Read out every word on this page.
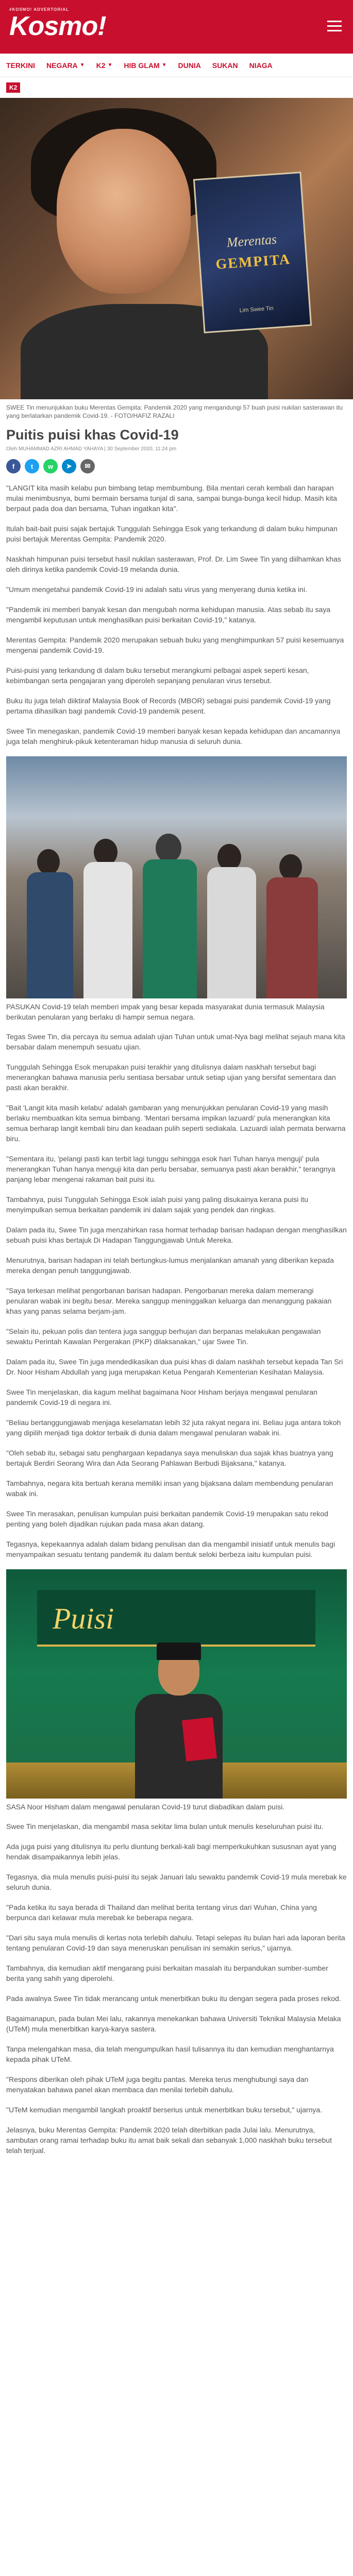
#KOSMO! ADVERTORIAL
Kosmo!
TERKINI NEGARA ▼ K2 ▼ HIB GLAM ▼ DUNIA SUKAN NIAGA
K2
Merentas
GEMPITA
Lim Swee Tin

SWEE Tin menunjukkan buku Merentas Gempita: Pandemik 2020 yang mengandungi 57 buah puisi nukilan sasterawan itu yang berlatarkan pandemik Covid-19. - FOTO/HAFIZ RAZALI

Puitis puisi khas Covid-19
Oleh MUHAMMAD AZRI AHMAD YAHAYA | 30 September 2020, 11:24 pm
f t w ➤ ✉

"LANGIT kita masih kelabu pun bimbang tetap membumbung. Bila mentari cerah kembali dan harapan mulai menimbusnya, bumi bermain bersama tunjal di sana, sampai bunga-bunga kecil hidup. Masih kita berpaut pada doa dan bersama, Tuhan ingatkan kita".

Itulah bait-bait puisi sajak bertajuk Tunggulah Sehingga Esok yang terkandung di dalam buku himpunan puisi bertajuk Merentas Gempita: Pandemik 2020.

Naskhah himpunan puisi tersebut hasil nukilan sasterawan, Prof. Dr. Lim Swee Tin yang diilhamkan khas oleh dirinya ketika pandemik Covid-19 melanda dunia.

"Umum mengetahui pandemik Covid-19 ini adalah satu virus yang menyerang dunia ketika ini.

"Pandemik ini memberi banyak kesan dan mengubah norma kehidupan manusia. Atas sebab itu saya mengambil keputusan untuk menghasilkan puisi berkaitan Covid-19," katanya.

Merentas Gempita: Pandemik 2020 merupakan sebuah buku yang menghimpunkan 57 puisi kesemuanya mengenai pandemik Covid-19.

Puisi-puisi yang terkandung di dalam buku tersebut merangkumi pelbagai aspek seperti kesan, kebimbangan serta pengajaran yang diperoleh sepanjang penularan virus tersebut.

Buku itu juga telah diiktiraf Malaysia Book of Records (MBOR) sebagai puisi pandemik Covid-19 yang pertama dihasilkan bagi pandemik Covid-19 pandemik pesent.

Swee Tin menegaskan, pandemik Covid-19 memberi banyak kesan kepada kehidupan dan ancamannya juga telah menghiruk-pikuk ketenteraman hidup manusia di seluruh dunia.

PASUKAN Covid-19 telah memberi impak yang besar kepada masyarakat dunia termasuk Malaysia berikutan penularan yang berlaku di hampir semua negara.

Tegas Swee Tin, dia percaya itu semua adalah ujian Tuhan untuk umat-Nya bagi melihat sejauh mana kita bersabar dalam menempuh sesuatu ujian.

Tunggulah Sehingga Esok merupakan puisi terakhir yang ditulisnya dalam naskhah tersebut bagi menerangkan bahawa manusia perlu sentiasa bersabar untuk setiap ujian yang bersifat sementara dan pasti akan berakhir.

"Bait 'Langit kita masih kelabu' adalah gambaran yang menunjukkan penularan Covid-19 yang masih berlaku membuatkan kita semua bimbang. 'Mentari bersama impikan lazuardi' pula menerangkan kita semua berharap langit kembali biru dan keadaan pulih seperti sediakala. Lazuardi ialah permata berwarna biru.

"Sementara itu, 'pelangi pasti kan terbit lagi tunggu sehingga esok hari Tuhan hanya menguji' pula menerangkan Tuhan hanya menguji kita dan perlu bersabar, semuanya pasti akan berakhir," terangnya panjang lebar mengenai rakaman bait puisi itu.

Tambahnya, puisi Tunggulah Sehingga Esok ialah puisi yang paling disukainya kerana puisi itu menyimpulkan semua berkaitan pandemik ini dalam sajak yang pendek dan ringkas.

Dalam pada itu, Swee Tin juga menzahirkan rasa hormat terhadap barisan hadapan dengan menghasilkan sebuah puisi khas bertajuk Di Hadapan Tanggungjawab Untuk Mereka.

Menurutnya, barisan hadapan ini telah bertungkus-lumus menjalankan amanah yang diberikan kepada mereka dengan penuh tanggungjawab.

"Saya terkesan melihat pengorbanan barisan hadapan. Pengorbanan mereka dalam memerangi penularan wabak ini begitu besar. Mereka sanggup meninggalkan keluarga dan menanggung pakaian khas yang panas selama berjam-jam.

"Selain itu, pekuan polis dan tentera juga sanggup berhujan dan berpanas melakukan pengawalan sewaktu Perintah Kawalan Pergerakan (PKP) dilaksanakan," ujar Swee Tin.

Dalam pada itu, Swee Tin juga mendedikasikan dua puisi khas di dalam naskhah tersebut kepada Tan Sri Dr. Noor Hisham Abdullah yang juga merupakan Ketua Pengarah Kementerian Kesihatan Malaysia.

Swee Tin menjelaskan, dia kagum melihat bagaimana Noor Hisham berjaya mengawal penularan pandemik Covid-19 di negara ini.

"Beliau bertanggungjawab menjaga keselamatan lebih 32 juta rakyat negara ini. Beliau juga antara tokoh yang dipilih menjadi tiga doktor terbaik di dunia dalam mengawal penularan wabak ini.

"Oleh sebab itu, sebagai satu penghargaan kepadanya saya menuliskan dua sajak khas buatnya yang bertajuk Berdiri Seorang Wira dan Ada Seorang Pahlawan Berbudi Bijaksana," katanya.

Tambahnya, negara kita bertuah kerana memiliki insan yang bijaksana dalam membendung penularan wabak ini.

Swee Tin merasakan, penulisan kumpulan puisi berkaitan pandemik Covid-19 merupakan satu rekod penting yang boleh dijadikan rujukan pada masa akan datang.

Tegasnya, kepekaannya adalah dalam bidang penulisan dan dia mengambil inisiatif untuk menulis bagi menyampaikan sesuatu tentang pandemik itu dalam bentuk seloki berbeza iaitu kumpulan puisi.

Puisi

SASA Noor Hisham dalam mengawal penularan Covid-19 turut diabadikan dalam puisi.

Swee Tin menjelaskan, dia mengambil masa sekitar lima bulan untuk menulis keseluruhan puisi itu.

Ada juga puisi yang ditulisnya itu perlu diuntung berkali-kali bagi memperkukuhkan sususnan ayat yang hendak disampaikannya lebih jelas.

Tegasnya, dia mula menulis puisi-puisi itu sejak Januari lalu sewaktu pandemik Covid-19 mula merebak ke seluruh dunia.

"Pada ketika itu saya berada di Thailand dan melihat berita tentang virus dari Wuhan, China yang berpunca dari kelawar mula merebak ke beberapa negara.

"Dari situ saya mula menulis di kertas nota terlebih dahulu. Tetapi selepas itu bulan hari ada laporan berita tentang penularan Covid-19 dan saya meneruskan penulisan ini semakin serius," ujarnya.

Tambahnya, dia kemudian aktif mengarang puisi berkaitan masalah itu berpandukan sumber-sumber berita yang sahih yang diperolehi.

Pada awalnya Swee Tin tidak merancang untuk menerbitkan buku itu dengan segera pada proses rekod.

Bagaimanapun, pada bulan Mei lalu, rakannya menekankan bahawa Universiti Teknikal Malaysia Melaka (UTeM) mula menerbitkan karya-karya sastera.

Tanpa melengahkan masa, dia telah mengumpulkan hasil tulisannya itu dan kemudian menghantarnya kepada pihak UTeM.

"Respons diberikan oleh pihak UTeM juga begitu pantas. Mereka terus menghubungi saya dan menyatakan bahawa panel akan membaca dan menilai terlebih dahulu.

"UTeM kemudian mengambil langkah proaktif berserius untuk menerbitkan buku tersebut," ujarnya.

Jelasnya, buku Merentas Gempita: Pandemik 2020 telah diterbitkan pada Julai lalu. Menurutnya, sambutan orang ramai terhadap buku itu amat baik sekali dan sebanyak 1,000 naskhah buku tersebut telah terjual.
